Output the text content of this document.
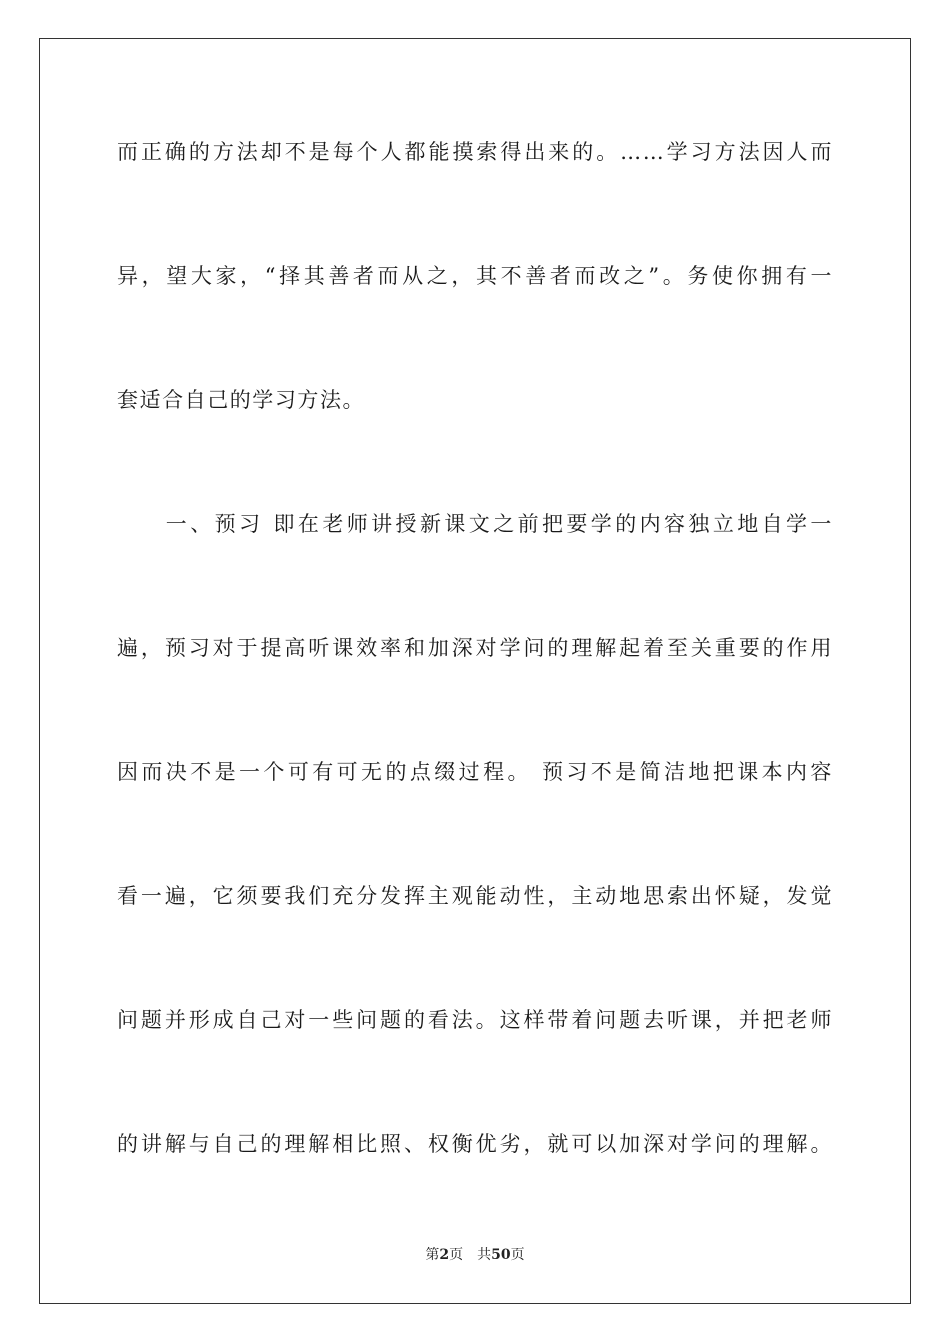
而正确的方法却不是每个人都能摸索得出来的。……学习方法因人而
异，望大家，“择其善者而从之，其不善者而改之”。务使你拥有一
套适合自己的学习方法。
　　一、预习 即在老师讲授新课文之前把要学的内容独立地自学一
遍，预习对于提高听课效率和加深对学问的理解起着至关重要的作用
因而决不是一个可有可无的点缀过程。 预习不是简洁地把课本内容
看一遍，它须要我们充分发挥主观能动性，主动地思索出怀疑，发觉
问题并形成自己对一些问题的看法。这样带着问题去听课，并把老师
的讲解与自己的理解相比照、权衡优劣，就可以加深对学问的理解。
第2页 共50页
